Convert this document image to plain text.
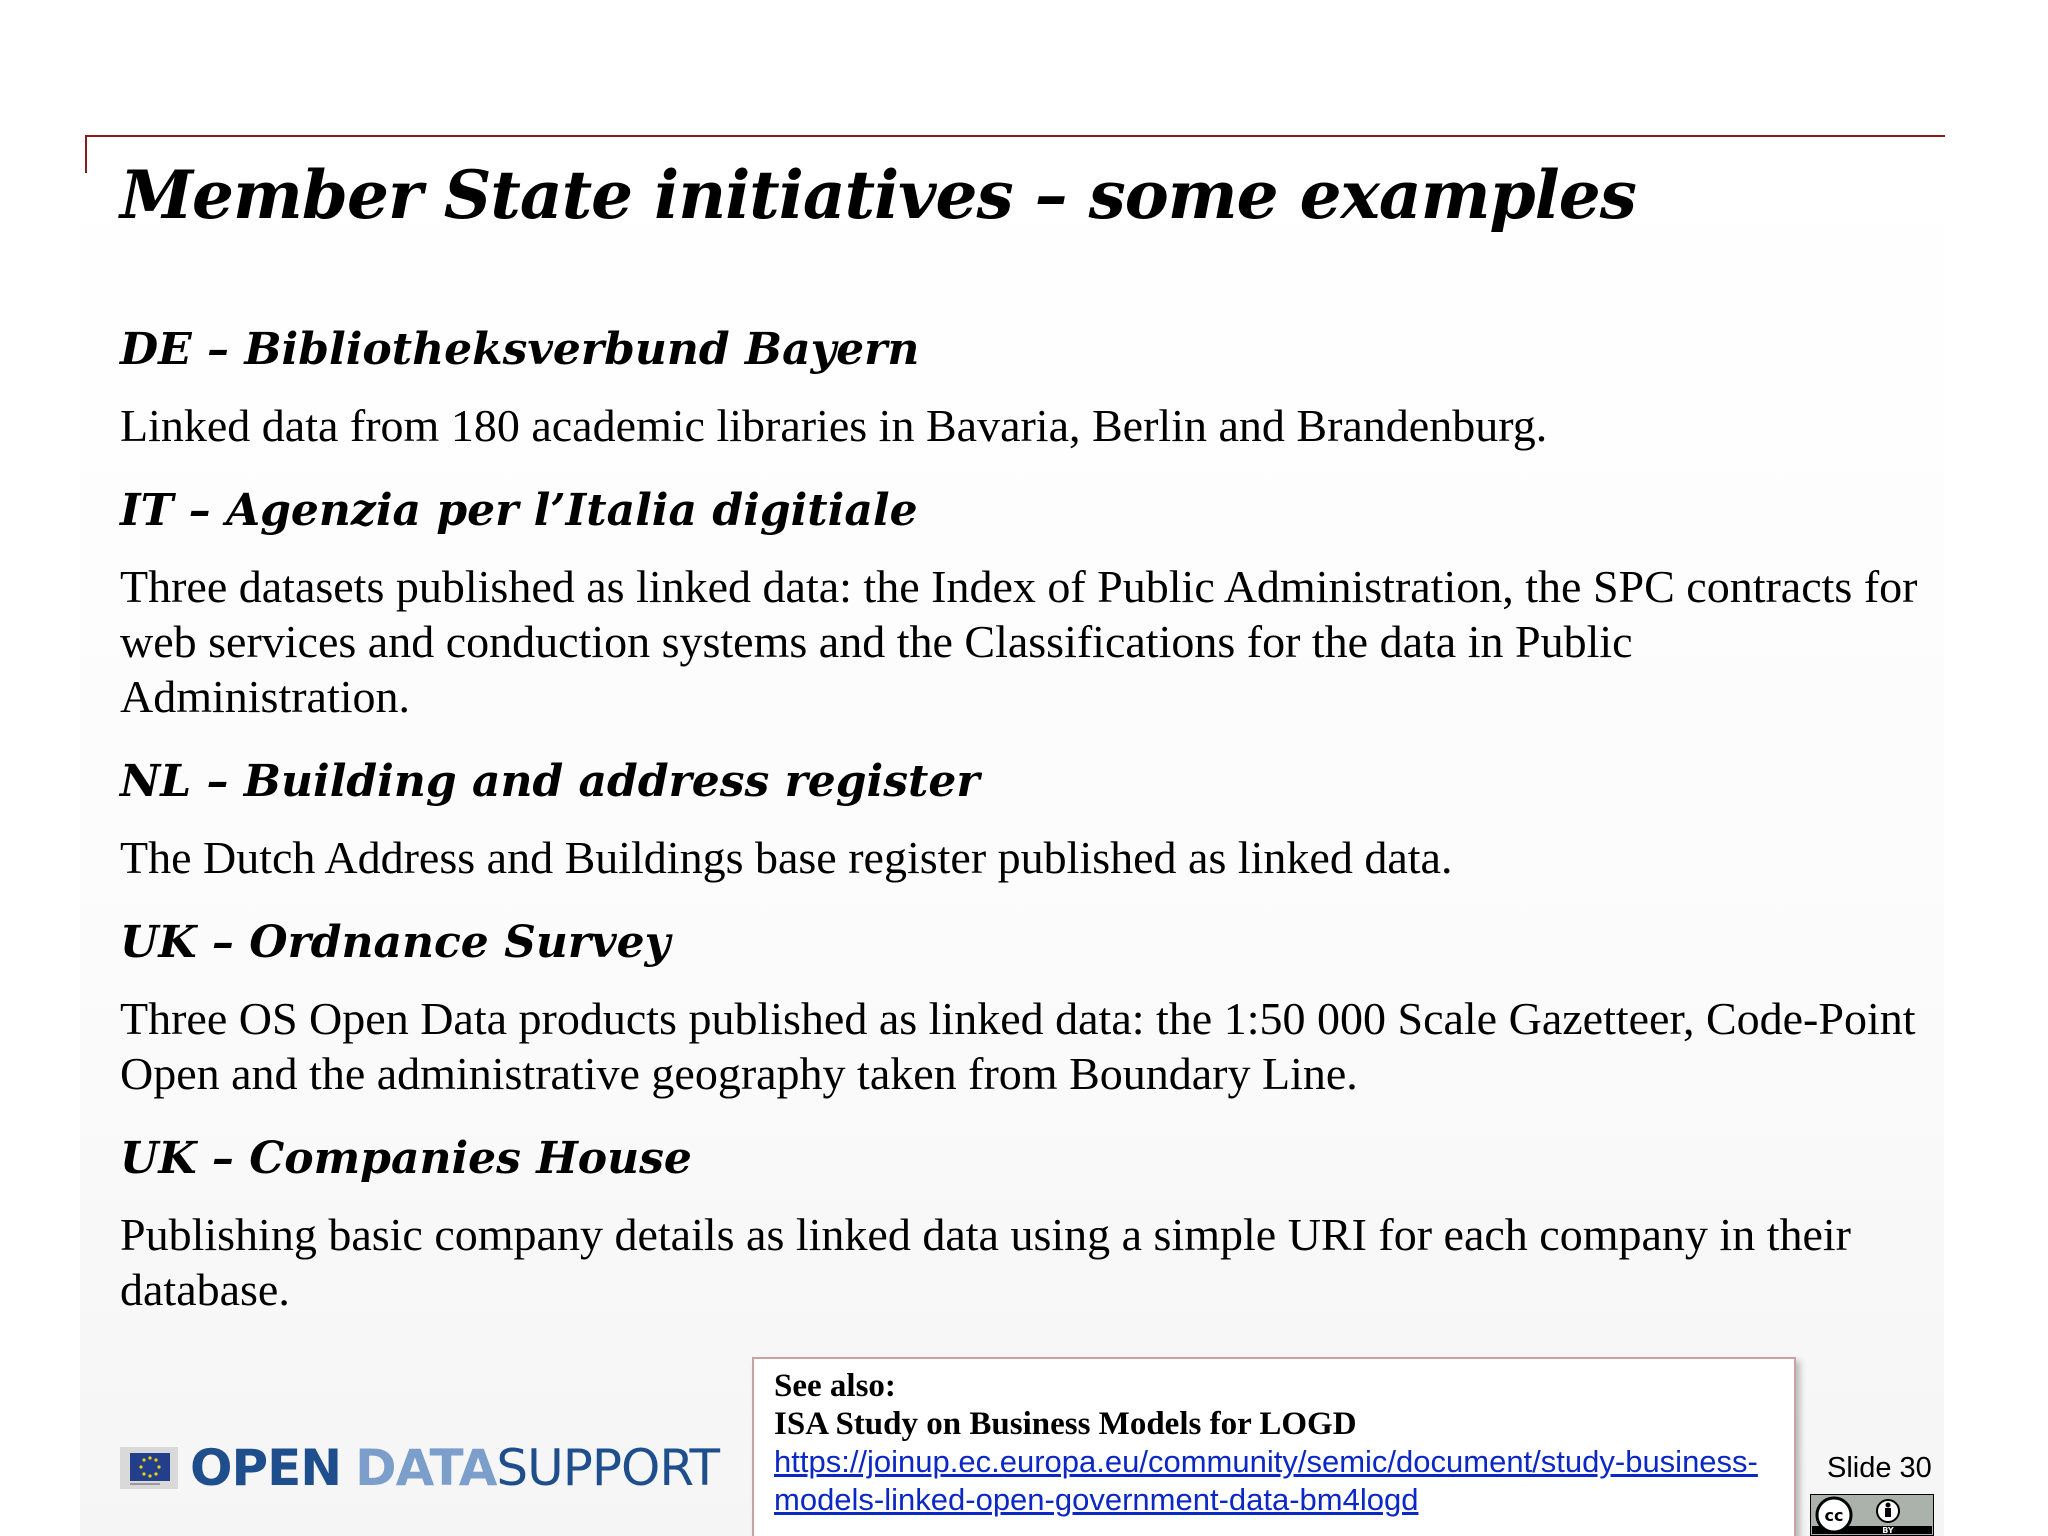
Member State initiatives – some examples

DE – Bibliotheksverbund Bayern

Linked data from 180 academic libraries in Bavaria, Berlin and Brandenburg.

IT – Agenzia per l’Italia digitiale

Three datasets published as linked data: the Index of Public Administration, the SPC contracts for web services and conduction systems and the Classifications for the data in Public Administration.

NL – Building and address register

The Dutch Address and Buildings base register published as linked data.

UK – Ordnance Survey

Three OS Open Data products published as linked data: the 1:50 000 Scale Gazetteer, Code-Point Open and the administrative geography taken from Boundary Line.

UK – Companies House

Publishing basic company details as linked data using a simple URI for each company in their database.

OPEN DATA SUPPORT

See also:

ISA Study on Business Models for LOGD

https://joinup.ec.europa.eu/community/semic/document/study-business-models-linked-open-government-data-bm4logd

Slide 30
cc
BY
